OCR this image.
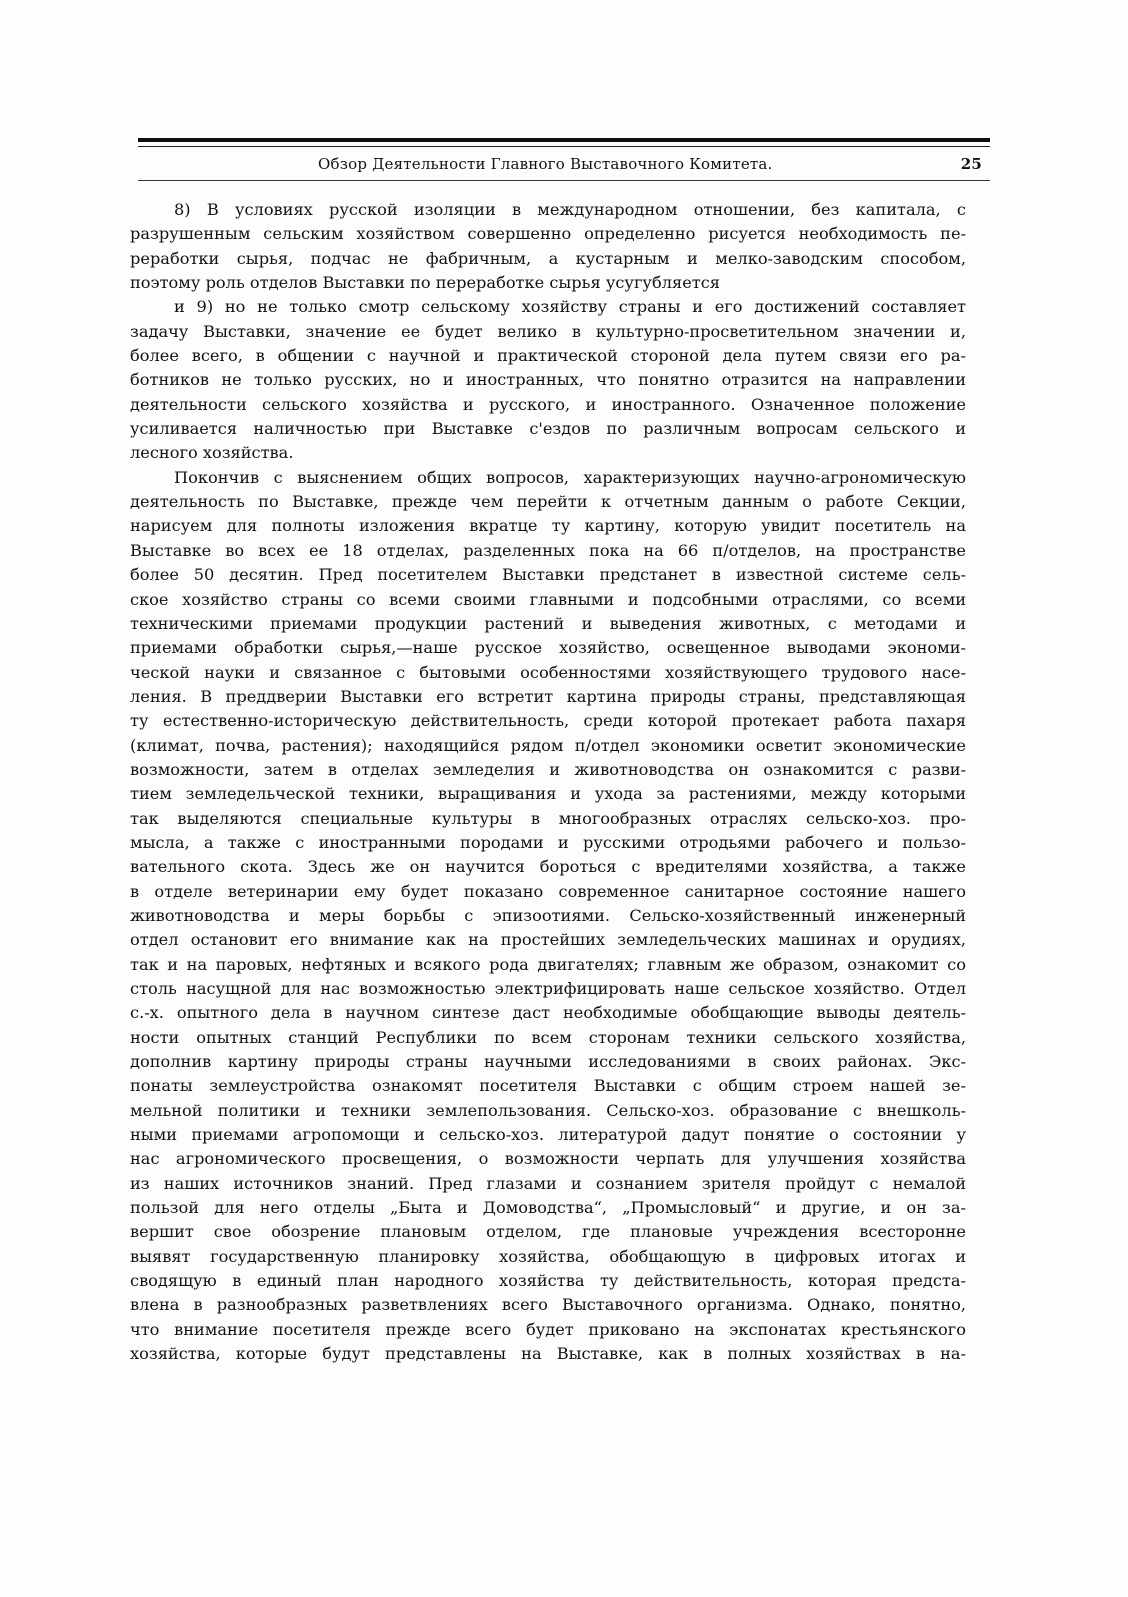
Обзор Деятельности Главного Выставочного Комитета.	25
8) В условиях русской изоляции в международном отношении, без капитала, с
разрушенным сельским хозяйством совершенно определенно рисуется необходимость пе-
реработки сырья, подчас не фабричным, а кустарным и мелко-заводским способом,
поэтому роль отделов Выставки по переработке сырья усугубляется
и 9) но не только смотр сельскому хозяйству страны и его достижений составляет
задачу Выставки, значение ее будет велико в культурно-просветительном значении и,
более всего, в общении с научной и практической стороной дела путем связи его ра-
ботников не только русских, но и иностранных, что понятно отразится на направлении
деятельности сельского хозяйства и русского, и иностранного. Означенное положение
усиливается наличностью при Выставке с'ездов по различным вопросам сельского и
лесного хозяйства.
Покончив с выяснением общих вопросов, характеризующих научно-агрономическую
деятельность по Выставке, прежде чем перейти к отчетным данным о работе Секции,
нарисуем для полноты изложения вкратце ту картину, которую увидит посетитель на
Выставке во всех ее 18 отделах, разделенных пока на 66 п/отделов, на пространстве
более 50 десятин. Пред посетителем Выставки предстанет в известной системе сель-
ское хозяйство страны со всеми своими главными и подсобными отраслями, со всеми
техническими приемами продукции растений и выведения животных, с методами и
приемами обработки сырья,—наше русское хозяйство, освещенное выводами экономи-
ческой науки и связанное с бытовыми особенностями хозяйствующего трудового насе-
ления. В преддверии Выставки его встретит картина природы страны, представляющая
ту естественно-историческую действительность, среди которой протекает работа пахаря
(климат, почва, растения); находящийся рядом п/отдел экономики осветит экономические
возможности, затем в отделах земледелия и животноводства он ознакомится с разви-
тием земледельческой техники, выращивания и ухода за растениями, между которыми
так выделяются специальные культуры в многообразных отраслях сельско-хоз. про-
мысла, а также с иностранными породами и русскими отродьями рабочего и пользо-
вательного скота. Здесь же он научится бороться с вредителями хозяйства, а также
в отделе ветеринарии ему будет показано современное санитарное состояние нашего
животноводства и меры борьбы с эпизоотиями. Сельско-хозяйственный инженерный
отдел остановит его внимание как на простейших земледельческих машинах и орудиях,
так и на паровых, нефтяных и всякого рода двигателях; главным же образом, ознакомит со
столь насущной для нас возможностью электрифицировать наше сельское хозяйство. Отдел
с.-х. опытного дела в научном синтезе даст необходимые обобщающие выводы деятель-
ности опытных станций Республики по всем сторонам техники сельского хозяйства,
дополнив картину природы страны научными исследованиями в своих районах. Экс-
понаты землеустройства ознакомят посетителя Выставки с общим строем нашей зе-
мельной политики и техники землепользования. Сельско-хоз. образование с внешколь-
ными приемами агропомощи и сельско-хоз. литературой дадут понятие о состоянии у
нас агрономического просвещения, о возможности черпать для улучшения хозяйства
из наших источников знаний. Пред глазами и сознанием зрителя пройдут с немалой
пользой для него отделы „Быта и Домоводства“, „Промысловый“ и другие, и он за-
вершит свое обозрение плановым отделом, где плановые учреждения всесторонне
выявят государственную планировку хозяйства, обобщающую в цифровых итогах и
сводящую в единый план народного хозяйства ту действительность, которая предста-
влена в разнообразных разветвлениях всего Выставочного организма. Однако, понятно,
что внимание посетителя прежде всего будет приковано на экспонатах крестьянского
хозяйства, которые будут представлены на Выставке, как в полных хозяйствах в на-
